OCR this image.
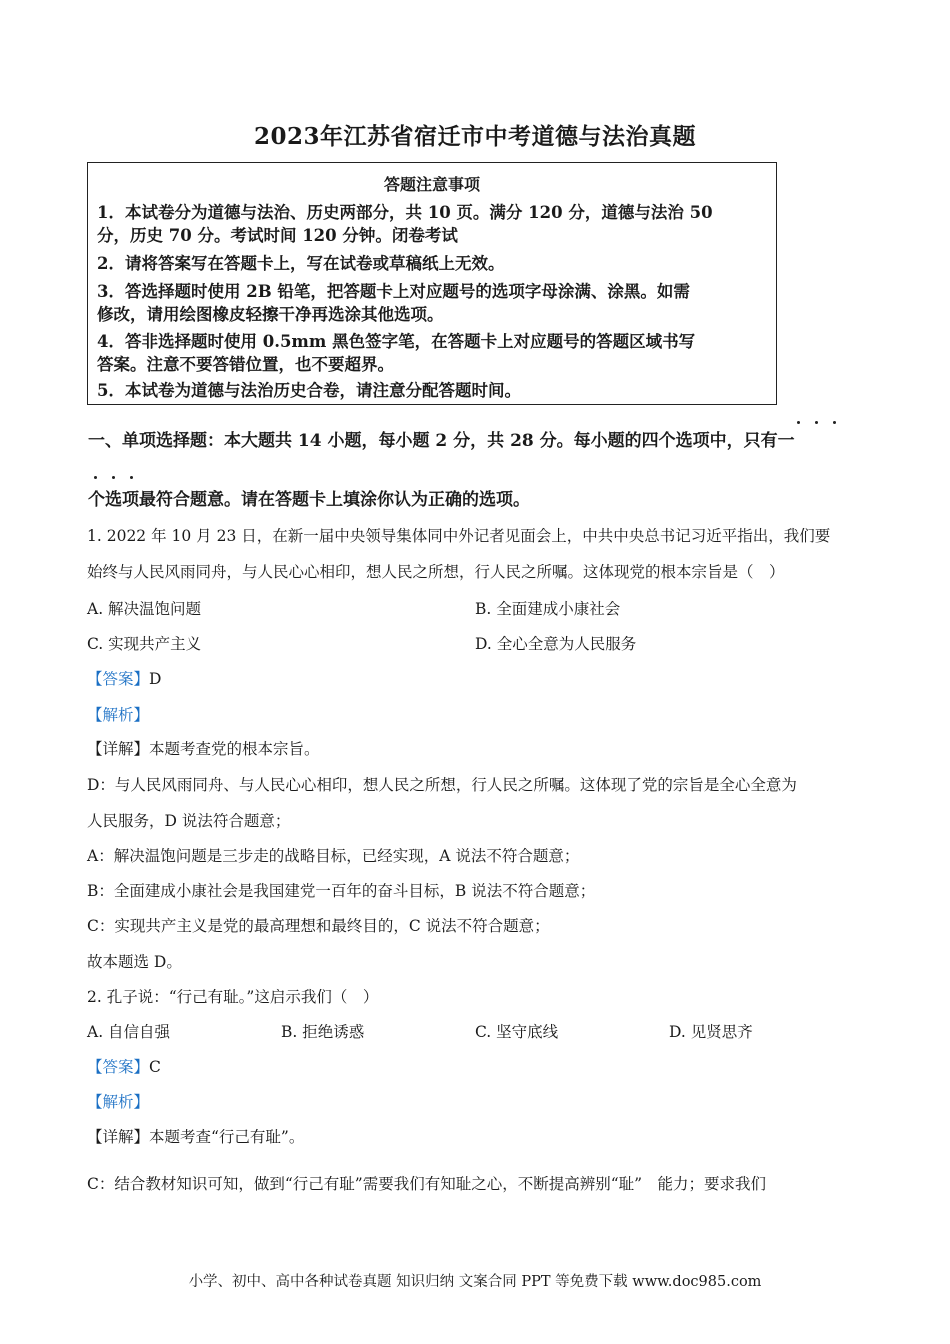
2023年江苏省宿迁市中考道德与法治真题
答题注意事项
1．本试卷分为道德与法治、历史两部分，共 10 页。满分 120 分，道德与法治 50
分，历史 70 分。考试时间 120 分钟。闭卷考试
2．请将答案写在答题卡上，写在试卷或草稿纸上无效。
3．答选择题时使用 2B 铅笔，把答题卡上对应题号的选项字母涂满、涂黑。如需
修改，请用绘图橡皮轻擦干净再选涂其他选项。
4．答非选择题时使用 0.5mm 黑色签字笔，在答题卡上对应题号的答题区域书写
答案。注意不要答错位置，也不要超界。
5．本试卷为道德与法治历史合卷，请注意分配答题时间。
一、单项选择题：本大题共 14 小题，每小题 2 分，共 28 分。每小题的四个选项中，只有一
个选项最符合题意。请在答题卡上填涂你认为正确的选项。
1. 2022 年 10 月 23 日，在新一届中央领导集体同中外记者见面会上，中共中央总书记习近平指出，我们要
始终与人民风雨同舟，与人民心心相印，想人民之所想，行人民之所嘱。这体现党的根本宗旨是（　）
A. 解决温饱问题	B. 全面建成小康社会
C. 实现共产主义	D. 全心全意为人民服务
【答案】D
【解析】
【详解】本题考查党的根本宗旨。
D：与人民风雨同舟、与人民心心相印，想人民之所想，行人民之所嘱。这体现了党的宗旨是全心全意为
人民服务，D 说法符合题意；
A：解决温饱问题是三步走的战略目标，已经实现，A 说法不符合题意；
B：全面建成小康社会是我国建党一百年的奋斗目标，B 说法不符合题意；
C：实现共产主义是党的最高理想和最终目的，C 说法不符合题意；
故本题选 D。
2. 孔子说：“行己有耻。”这启示我们（　）
A. 自信自强	B. 拒绝诱惑	C. 坚守底线	D. 见贤思齐
【答案】C
【解析】
【详解】本题考查“行己有耻”。
C：结合教材知识可知，做到“行己有耻”需要我们有知耻之心，不断提高辨别“耻”　能力；要求我们
小学、初中、高中各种试卷真题 知识归纳 文案合同 PPT 等免费下载 www.doc985.com
